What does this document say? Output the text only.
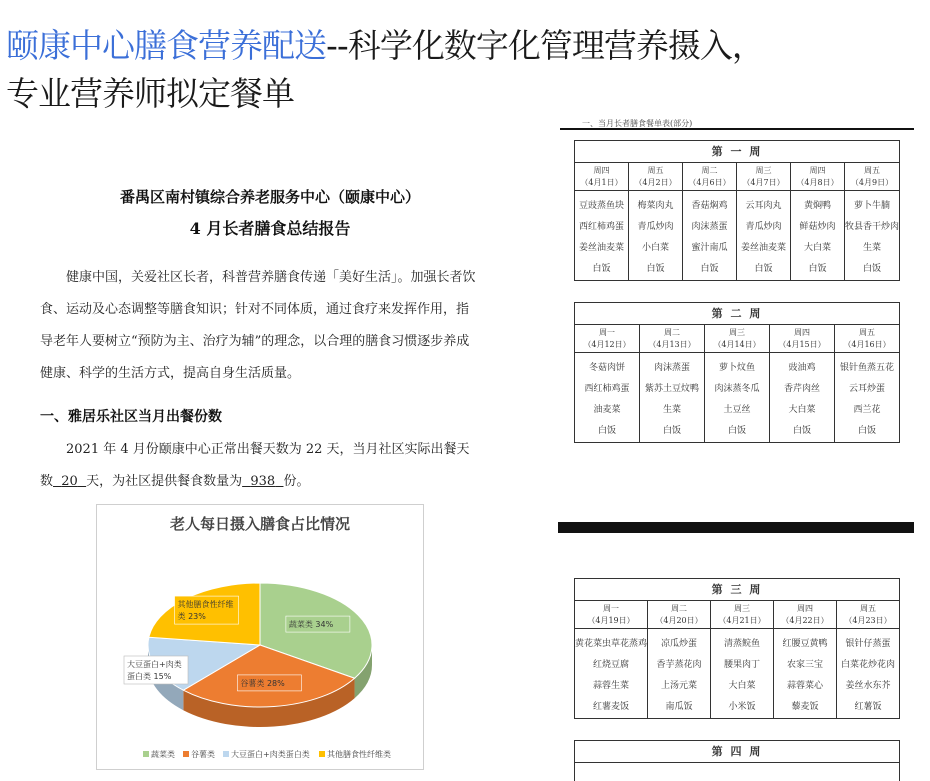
颐康中心膳食营养配送--科学化数字化管理营养摄入，
专业营养师拟定餐单
番禺区南村镇综合养老服务中心（颐康中心）
4 月长者膳食总结报告
健康中国，关爱社区长者，科普营养膳食传递「美好生活」。加强长者饮食、运动及心态调整等膳食知识；针对不同体质，通过食疗来发挥作用，指导老年人要树立“预防为主、治疗为辅”的理念，以合理的膳食习惯逐步养成健康、科学的生活方式，提高自身生活质量。
一、雅居乐社区当月出餐份数
2021 年 4 月份颐康中心正常出餐天数为 22 天，当月社区实际出餐天数 20 天，为社区提供餐食数量为 938 份。
老人每日摄入膳食占比情况
蔬菜类 34%
谷薯类 28%
大豆蛋白+肉类
蛋白类 15%
其他膳食性纤维
类 23%
蔬菜类 谷薯类 大豆蛋白+肉类蛋白类 其他膳食性纤维类
一、当月长者膳食餐单表(部分)
第 一 周
周四
（4月1日）
豆豉蒸鱼块
西红柿鸡蛋
姜丝油麦菜
白饭
周五
（4月2日）
梅菜肉丸
青瓜炒肉
小白菜
白饭
周二
（4月6日）
香菇焖鸡
肉沫蒸蛋
蜜汁南瓜
白饭
周三
（4月7日）
云耳肉丸
青瓜炒肉
姜丝油麦菜
白饭
周四
（4月8日）
黄焖鸭
鲜菇炒肉
大白菜
白饭
周五
（4月9日）
萝卜牛腩
牧县香干炒肉
生菜
白饭
第 二 周
周一
（4月12日）
冬菇肉饼
西红柿鸡蛋
油麦菜
白饭
周二
（4月13日）
肉沫蒸蛋
紫苏土豆炆鸭
生菜
白饭
周三
（4月14日）
萝卜炆鱼
肉沫蒸冬瓜
土豆丝
白饭
周四
（4月15日）
豉油鸡
香芹肉丝
大白菜
白饭
周五
（4月16日）
银针鱼蒸五花
云耳炒蛋
西兰花
白饭
第 三 周
周一
（4月19日）
黄花菜虫草花蒸鸡
红烧豆腐
蒜蓉生菜
红薯麦饭
周二
（4月20日）
凉瓜炒蛋
香芋蒸花肉
上汤元菜
南瓜饭
周三
（4月21日）
清蒸鲩鱼
腰果肉丁
大白菜
小米饭
周四
（4月22日）
红腰豆黄鸭
农家三宝
蒜蓉菜心
藜麦饭
周五
（4月23日）
银针仔蒸蛋
白菜花炒花肉
姜丝水东芥
红薯饭
第 四 周
